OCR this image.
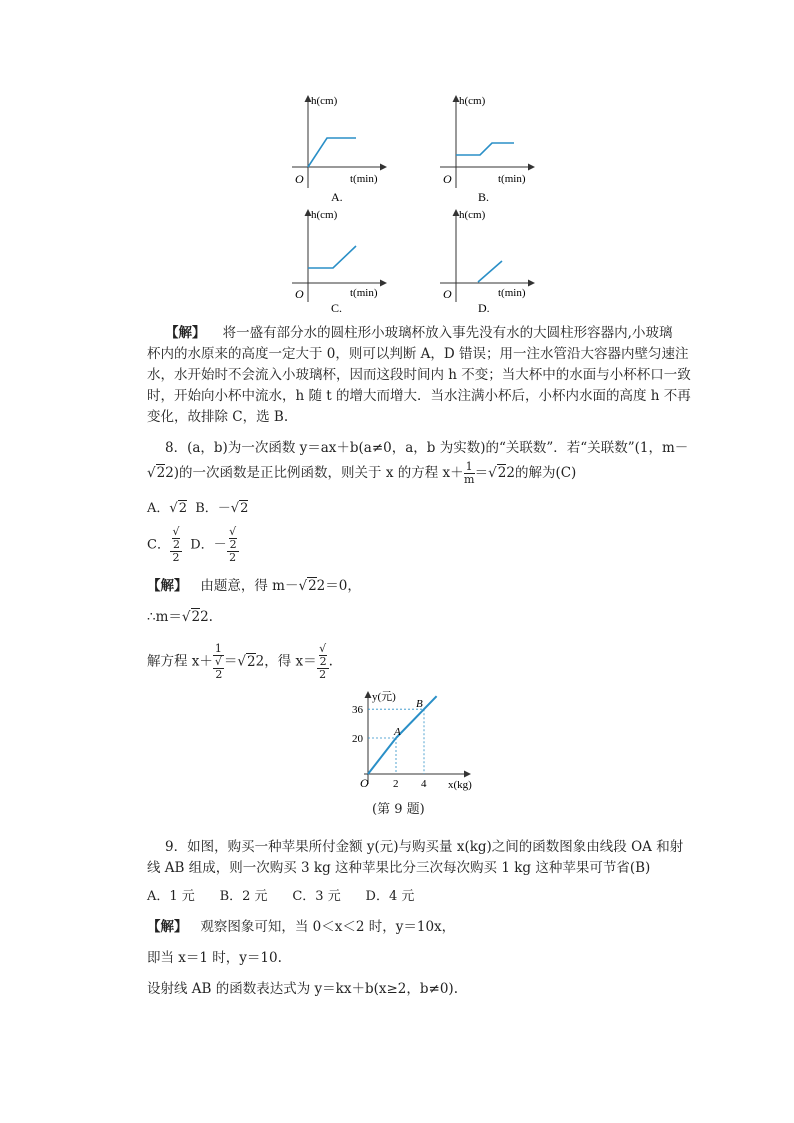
h(cm)
t(min)
O
A.
h(cm)
t(min)
O
B.
h(cm)
t(min)
O
C.
h(cm)
t(min)
O
D.
【解】 将一盛有部分水的圆柱形小玻璃杯放入事先没有水的大圆柱形容器内,小玻璃
杯内的水原来的高度一定大于 0，则可以判断 A，D 错误；用一注水管沿大容器内壁匀速注
水，水开始时不会流入小玻璃杯，因而这段时间内 h 不变；当大杯中的水面与小杯杯口一致
时，开始向小杯中流水，h 随 t 的增大而增大．当水注满小杯后，小杯内水面的高度 h 不再
变化，故排除 C，选 B.
8．(a，b)为一次函数 y＝ax＋b(a≠0，a，b 为实数)的“关联数”．若“关联数”(1，m－
√22)的一次函数是正比例函数，则关于 x 的方程 $x+ \frac{1}{m} =√22$的解为(C)
A．√2 B．－√2
C． √
2
2 D．－ √
2
2
【解】 由题意，得 m－√22＝0，
∴m＝√22.
解方程 x＋ 1
√
2 ＝√22，得 x＝ √
2
2 .
y(元)
x(kg)
O
A
B
2 4
20
36
(第 9 题)
9．如图，购买一种苹果所付金额 y(元)与购买量 x(kg)之间的函数图象由线段 OA 和射
线 AB 组成，则一次购买 3 kg 这种苹果比分三次每次购买 1 kg 这种苹果可节省(B)
A．1 元 B．2 元 C．3 元 D．4 元
【解】 观察图象可知，当 0＜x＜2 时，y＝10x，
即当 x＝1 时，y＝10.
设射线 AB 的函数表达式为 y＝kx＋b(x≥2，b≠0).
